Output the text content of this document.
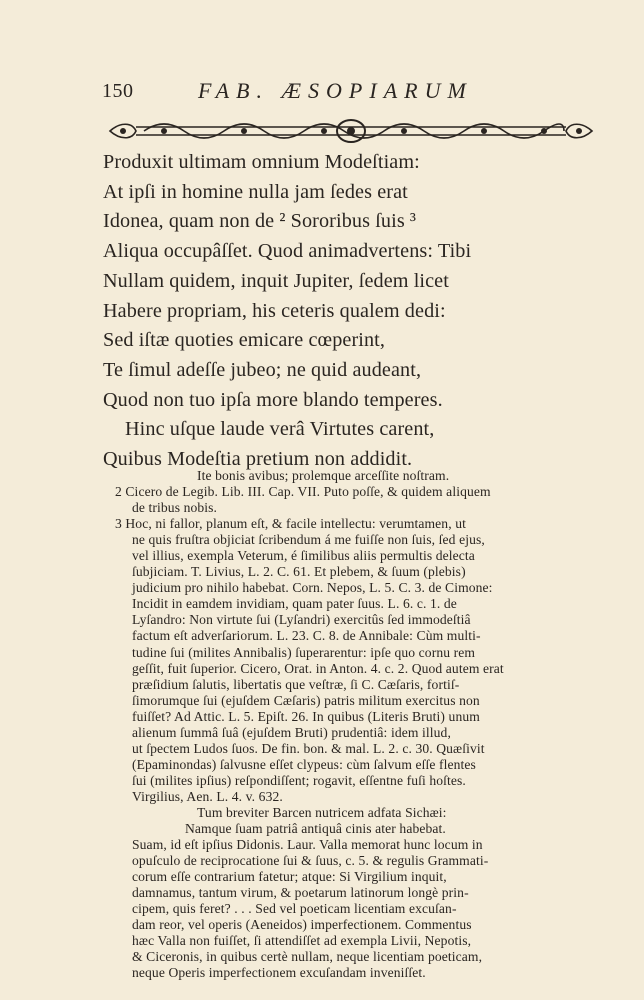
150	FAB. ÆSOPIARUM
Produxit ultimam omnium Modeſtiam:
At ipſi in homine nulla jam ſedes erat
Idonea, quam non de ² Sororibus ſuis ³
Aliqua occupâſſet. Quod animadvertens: Tibi
Nullam quidem, inquit Jupiter, ſedem licet
Habere propriam, his ceteris qualem dedi:
Sed iſtæ quoties emicare cœperint,
Te ſimul adeſſe jubeo; ne quid audeant,
Quod non tuo ipſa more blando temperes.
Hinc uſque laude verâ Virtutes carent,
Quibus Modeſtia pretium non addidit.
Ite bonis avibus; prolemque arceſſite noſtram.
2 Cicero de Legib. Lib. III. Cap. VII. Puto poſſe, & quidem aliquem
de tribus nobis.
3 Hoc, ni fallor, planum eſt, & facile intellectu: verumtamen, ut
ne quis fruſtra objiciat ſcribendum á me fuiſſe non ſuis, ſed ejus,
vel illius, exempla Veterum, é ſimilibus aliis permultis delecta
ſubjiciam. T. Livius, L. 2. C. 61. Et plebem, & ſuum (plebis)
judicium pro nihilo habebat. Corn. Nepos, L. 5. C. 3. de Cimone:
Incidit in eamdem invidiam, quam pater ſuus. L. 6. c. 1. de
Lyſandro: Non virtute ſui (Lyſandri) exercitûs ſed immodeſtiâ
factum eſt adverſariorum. L. 23. C. 8. de Annibale: Cùm multi-
tudine ſui (milites Annibalis) ſuperarentur: ipſe quo cornu rem
geſſit, fuit ſuperior. Cicero, Orat. in Anton. 4. c. 2. Quod autem erat
præſidium ſalutis, libertatis que veſtræ, ſi C. Cæſaris, fortiſ-
ſimorumque ſui (ejuſdem Cæſaris) patris militum exercitus non
fuiſſet? Ad Attic. L. 5. Epiſt. 26. In quibus (Literis Bruti) unum
alienum ſummâ ſuâ (ejuſdem Bruti) prudentiâ: idem illud,
ut ſpectem Ludos ſuos. De fin. bon. & mal. L. 2. c. 30. Quæſivit
(Epaminondas) ſalvusne eſſet clypeus: cùm ſalvum eſſe flentes
ſui (milites ipſius) reſpondiſſent; rogavit, eſſentne fuſi hoſtes.
Virgilius, Aen. L. 4. v. 632.
Tum breviter Barcen nutricem adfata Sichæi:
Namque ſuam patriâ antiquâ cinis ater habebat.
Suam, id eſt ipſius Didonis. Laur. Valla memorat hunc locum in
opuſculo de reciprocatione ſui & ſuus, c. 5. & regulis Grammati-
corum eſſe contrarium fatetur; atque: Si Virgilium inquit,
damnamus, tantum virum, & poetarum latinorum longè prin-
cipem, quis feret? . . . Sed vel poeticam licentiam excuſan-
dam reor, vel operis (Aeneidos) imperfectionem. Commentus
hæc Valla non fuiſſet, ſi attendiſſet ad exempla Livii, Nepotis,
& Ciceronis, in quibus certè nullam, neque licentiam poeticam,
neque Operis imperfectionem excuſandam inveniſſet.
